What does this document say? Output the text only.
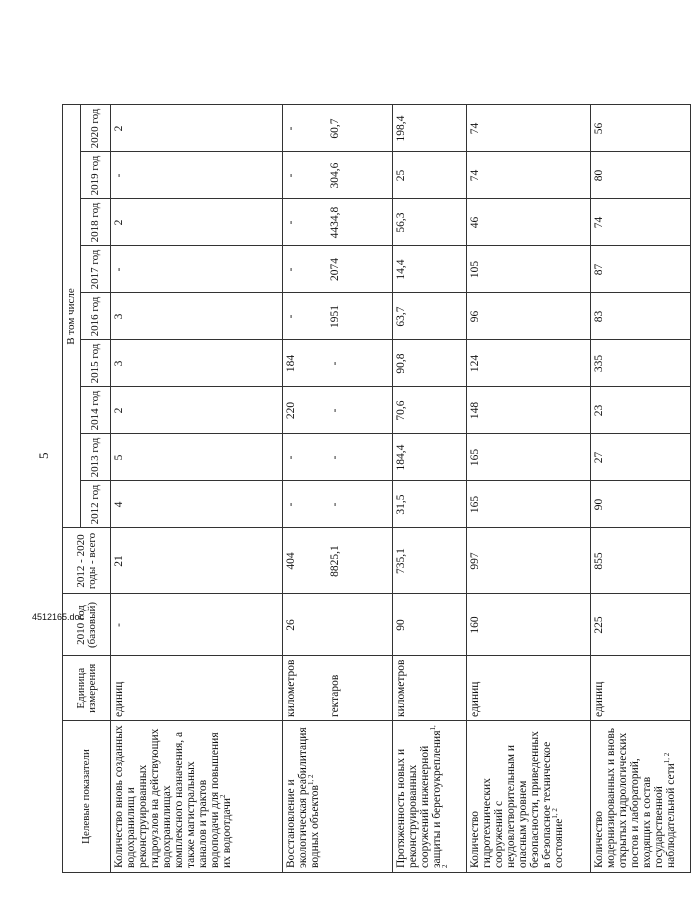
5
Целевые показатели	Единица измерения	2010 год (базовый)	2012 - 2020 годы - всего	В том числе								
				2012 год	2013 год	2014 год	2015 год	2016 год	2017 год	2018 год	2019 год	2020 год
Количество вновь созданных водохранилищ и реконструированных гидроузлов на действующих водохранилищах комплексного назначения, а также магистральных каналов и трактов водоподачи для повышения их водоотдачи$^2$	единиц	-	21	4	5	2	3	3	-	2	-	2
Восстановление и экологическая реабилитация водных объектов$^{1, 2}$	километров	26	404	-	-	220	184	-	-	-	-	-
	гектаров		8825,1	-	-	-	-	1951	2074	4434,8	304,6	60,7
Протяженность новых и реконструированных сооружений инженерной защиты и берегоукрепления$^{1, 2}$	километров	90	735,1	31,5	184,4	70,6	90,8	63,7	14,4	56,3	25	198,4
Количество гидротехнических сооружений с неудовлетворительным и опасным уровнем безопасности, приведенных в безопасное техническое состояние$^{1, 2}$	единиц	160	997	165	165	148	124	96	105	46	74	74
Количество модернизированных и вновь открытых гидрологических постов и лабораторий, входящих в состав государственной наблюдательной сети$^{1, 2}$	единиц	225	855	90	27	23	335	83	87	74	80	56
4512165.doc
